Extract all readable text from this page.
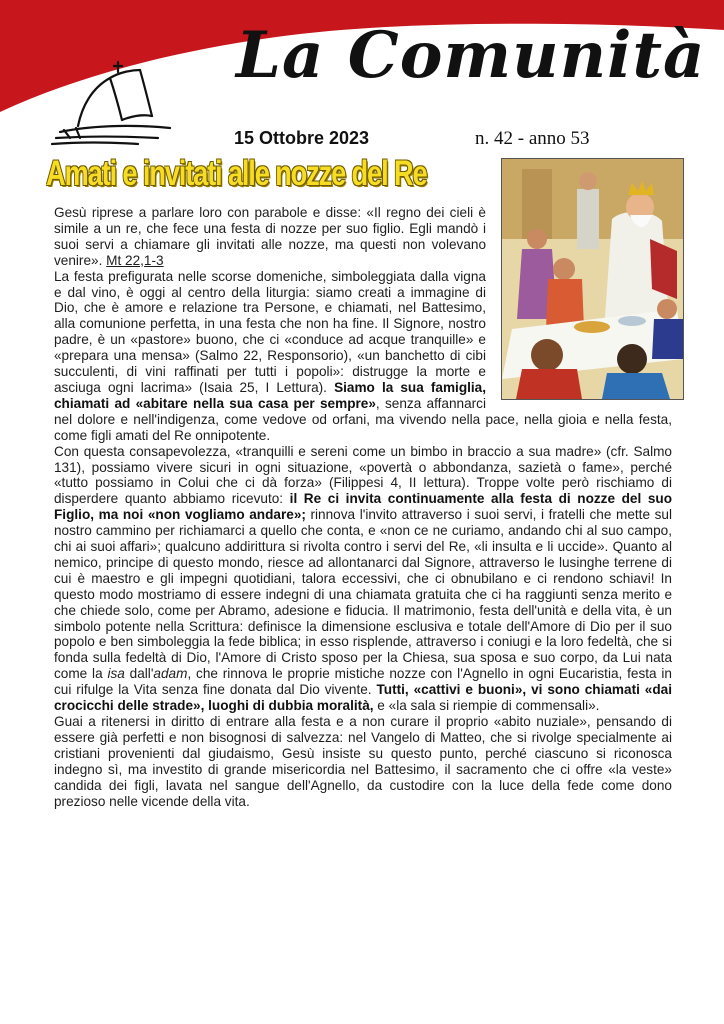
La Comunità
15 Ottobre 2023	n. 42 - anno 53
Amati e invitati alle nozze del Re

Gesù riprese a parlare loro con parabole e disse: «Il regno dei cieli è simile a un re, che fece una festa di nozze per suo figlio. Egli mandò i suoi servi a chiamare gli invitati alle nozze, ma questi non volevano venire». Mt 22,1-3

La festa prefigurata nelle scorse domeniche, simboleggiata dalla vigna e dal vino, è oggi al centro della liturgia: siamo creati a immagine di Dio, che è amore e relazione tra Persone, e chiamati, nel Battesimo, alla comunione perfetta, in una festa che non ha fine. Il Signore, nostro padre, è un «pastore» buono, che ci «conduce ad acque tranquille» e «prepara una mensa» (Salmo 22, Responsorio), «un banchetto di cibi succulenti, di vini raffinati per tutti i popoli»: distrugge la morte e asciuga ogni lacrima» (Isaia 25, I Lettura). Siamo la sua famiglia, chiamati ad «abitare nella sua casa per sempre», senza affannarci nel dolore e nell'indigenza, come vedove od orfani, ma vivendo nella pace, nella gioia e nella festa, come figli amati del Re onnipotente.

Con questa consapevolezza, «tranquilli e sereni come un bimbo in braccio a sua madre» (cfr. Salmo 131), possiamo vivere sicuri in ogni situazione, «povertà o abbondanza, sazietà o fame», perché «tutto possiamo in Colui che ci dà forza» (Filippesi 4, II lettura). Troppe volte però rischiamo di disperdere quanto abbiamo ricevuto: il Re ci invita continuamente alla festa di nozze del suo Figlio, ma noi «non vogliamo andare»; rinnova l'invito attraverso i suoi servi, i fratelli che mette sul nostro cammino per richiamarci a quello che conta, e «non ce ne curiamo, andando chi al suo campo, chi ai suoi affari»; qualcuno addirittura si rivolta contro i servi del Re, «li insulta e li uccide». Quanto al nemico, principe di questo mondo, riesce ad allontanarci dal Signore, attraverso le lusinghe terrene di cui è maestro e gli impegni quotidiani, talora eccessivi, che ci obnubilano e ci rendono schiavi! In questo modo mostriamo di essere indegni di una chiamata gratuita che ci ha raggiunti senza merito e che chiede solo, come per Abramo, adesione e fiducia. Il matrimonio, festa dell'unità e della vita, è un simbolo potente nella Scrittura: definisce la dimensione esclusiva e totale dell'Amore di Dio per il suo popolo e ben simboleggia la fede biblica; in esso risplende, attraverso i coniugi e la loro fedeltà, che si fonda sulla fedeltà di Dio, l'Amore di Cristo sposo per la Chiesa, sua sposa e suo corpo, da Lui nata come la isa dall'adam, che rinnova le proprie mistiche nozze con l'Agnello in ogni Eucaristia, festa in cui rifulge la Vita senza fine donata dal Dio vivente. Tutti, «cattivi e buoni», vi sono chiamati «dai crocicchi delle strade», luoghi di dubbia moralità, e «la sala si riempie di commensali».

Guai a ritenersi in diritto di entrare alla festa e a non curare il proprio «abito nuziale», pensando di essere già perfetti e non bisognosi di salvezza: nel Vangelo di Matteo, che si rivolge specialmente ai cristiani provenienti dal giudaismo, Gesù insiste su questo punto, perché ciascuno si riconosca indegno sì, ma investito di grande misericordia nel Battesimo, il sacramento che ci offre «la veste» candida dei figli, lavata nel sangue dell'Agnello, da custodire con la luce della fede come dono prezioso nelle vicende della vita.
